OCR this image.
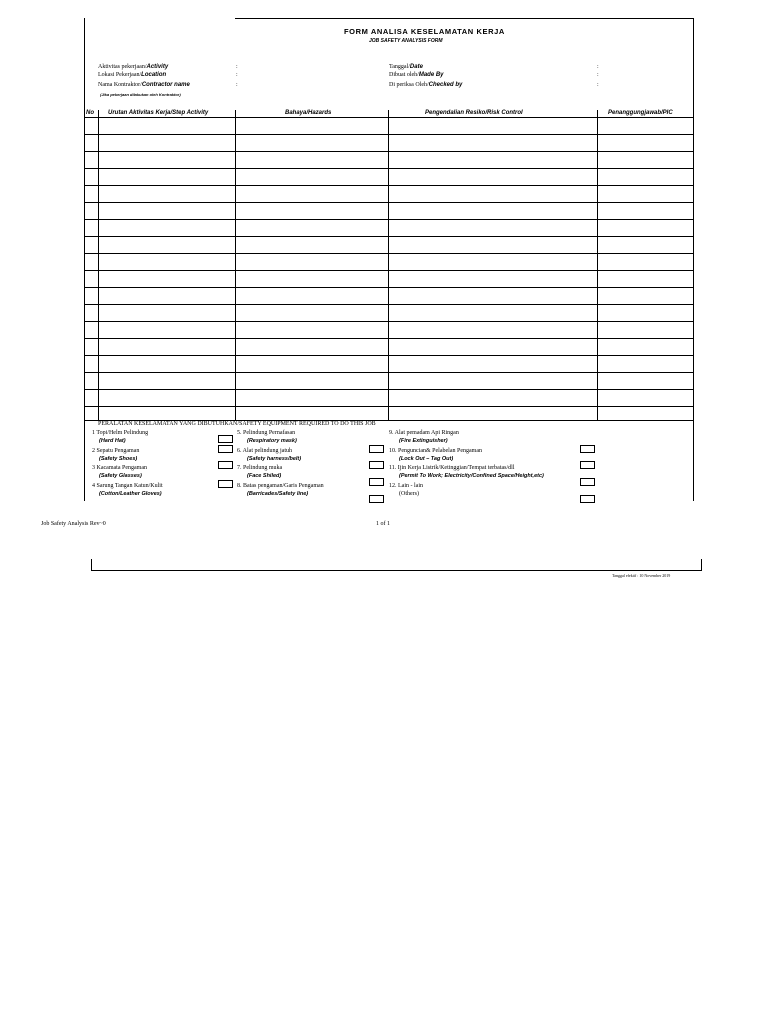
FORM ANALISA KESELAMATAN KERJA
JOB SAFETY ANALYSIS FORM
Aktivitas pekerjaan/Activity	:
Lokasi Pekerjaan/Location	:
Nama Kontraktor/Contractor name	:
(Jika pekerjaan dilakukan oleh Kontraktor)
Tanggal/Date	:
Dibuat oleh/Made By	:
Di periksa Oleh/Checked by	:
No Urutan Aktivitas Kerja/Step Activity	Bahaya/Hazards	Pengendalian Resiko/Risk Control	Penanggungjawab/PIC
PERALATAN KESELAMATAN YANG DIBUTUHKAN/SAFETY EQUIPMENT REQUIRED TO DO THIS JOB
1 Topi/Helm Pelindung
(Hard Hat)
2 Sepatu Pengaman
(Safety Shoes)
3 Kacamata Pengaman
(Safety Glasses)
4 Sarung Tangan Katun/Kulit
(Cotton/Leather Gloves)
5. Pelindung Pernafasan
(Respiratory mask)
6. Alat pelindung jatuh
(Safety harness/belt)
7. Pelindung muka
(Face Shiled)
8. Batas pengaman/Garis Pengaman
(Barricades/Safety line)
9. Alat pemadam Api Ringan
(Fire Extinguisher)
10. Penguncian& Pelabelan Pengaman
(Lock Out – Tag Out)
11. Ijin Kerja Listrik/Ketinggian/Tempat terbatas/dll
(Permit To Work; Electricity/Confined Space/Height,etc)
12. Lain - lain
(Others)
Job Safety Analysis Rev~0	1 of 1
Tanggal efektif : 10 November 2019
